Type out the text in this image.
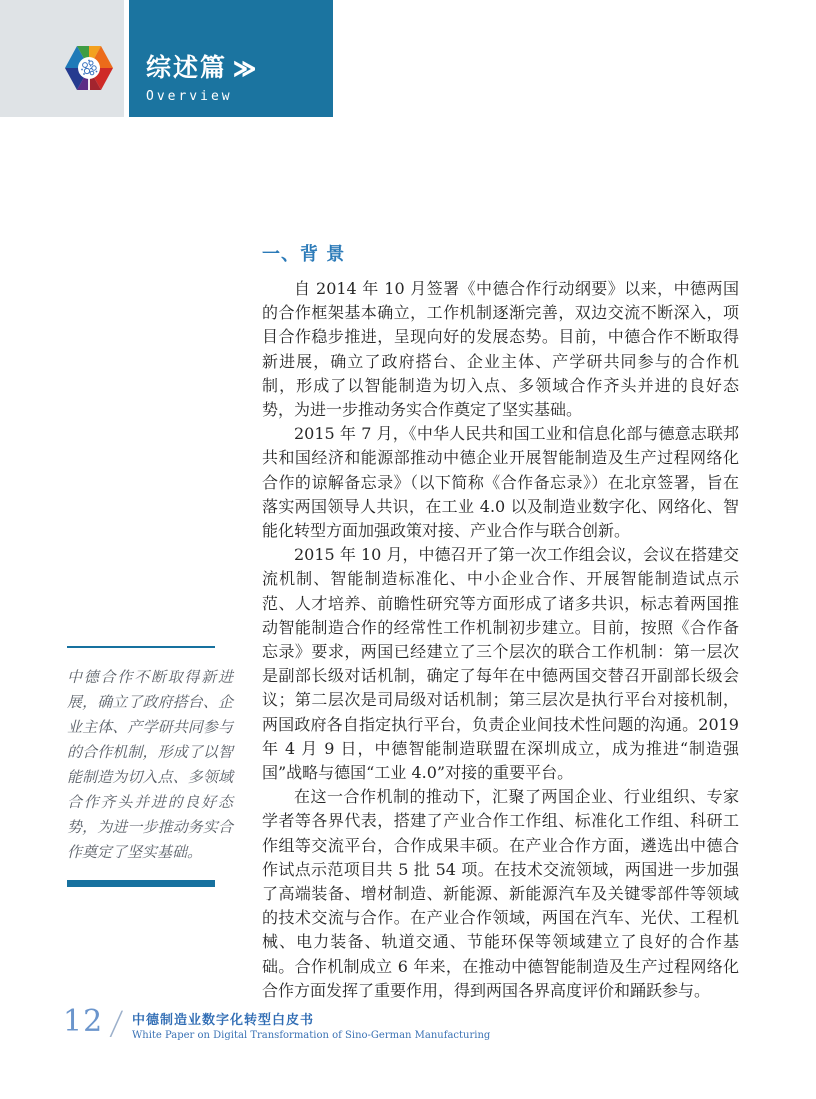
综述篇 ≫
Overview

中德合作不断取得新进展，确立了政府搭台、企业主体、产学研共同参与的合作机制，形成了以智能制造为切入点、多领域合作齐头并进的良好态势，为进一步推动务实合作奠定了坚实基础。

一、背 景

自 2014 年 10 月签署《中德合作行动纲要》以来，中德两国的合作框架基本确立，工作机制逐渐完善，双边交流不断深入，项目合作稳步推进，呈现向好的发展态势。目前，中德合作不断取得新进展，确立了政府搭台、企业主体、产学研共同参与的合作机制，形成了以智能制造为切入点、多领域合作齐头并进的良好态势，为进一步推动务实合作奠定了坚实基础。

2015 年 7 月，《中华人民共和国工业和信息化部与德意志联邦共和国经济和能源部推动中德企业开展智能制造及生产过程网络化合作的谅解备忘录》（以下简称《合作备忘录》）在北京签署，旨在落实两国领导人共识，在工业 4.0 以及制造业数字化、网络化、智能化转型方面加强政策对接、产业合作与联合创新。

2015 年 10 月，中德召开了第一次工作组会议，会议在搭建交流机制、智能制造标准化、中小企业合作、开展智能制造试点示范、人才培养、前瞻性研究等方面形成了诸多共识，标志着两国推动智能制造合作的经常性工作机制初步建立。目前，按照《合作备忘录》要求，两国已经建立了三个层次的联合工作机制：第一层次是副部长级对话机制，确定了每年在中德两国交替召开副部长级会议；第二层次是司局级对话机制；第三层次是执行平台对接机制，两国政府各自指定执行平台，负责企业间技术性问题的沟通。2019 年 4 月 9 日，中德智能制造联盟在深圳成立，成为推进“制造强国”战略与德国“工业 4.0”对接的重要平台。

在这一合作机制的推动下，汇聚了两国企业、行业组织、专家学者等各界代表，搭建了产业合作工作组、标准化工作组、科研工作组等交流平台，合作成果丰硕。在产业合作方面，遴选出中德合作试点示范项目共 5 批 54 项。在技术交流领域，两国进一步加强了高端装备、增材制造、新能源、新能源汽车及关键零部件等领域的技术交流与合作。在产业合作领域，两国在汽车、光伏、工程机械、电力装备、轨道交通、节能环保等领域建立了良好的合作基础。合作机制成立 6 年来，在推动中德智能制造及生产过程网络化合作方面发挥了重要作用，得到两国各界高度评价和踊跃参与。

12 / 中德制造业数字化转型白皮书
White Paper on Digital Transformation of Sino-German Manufacturing
